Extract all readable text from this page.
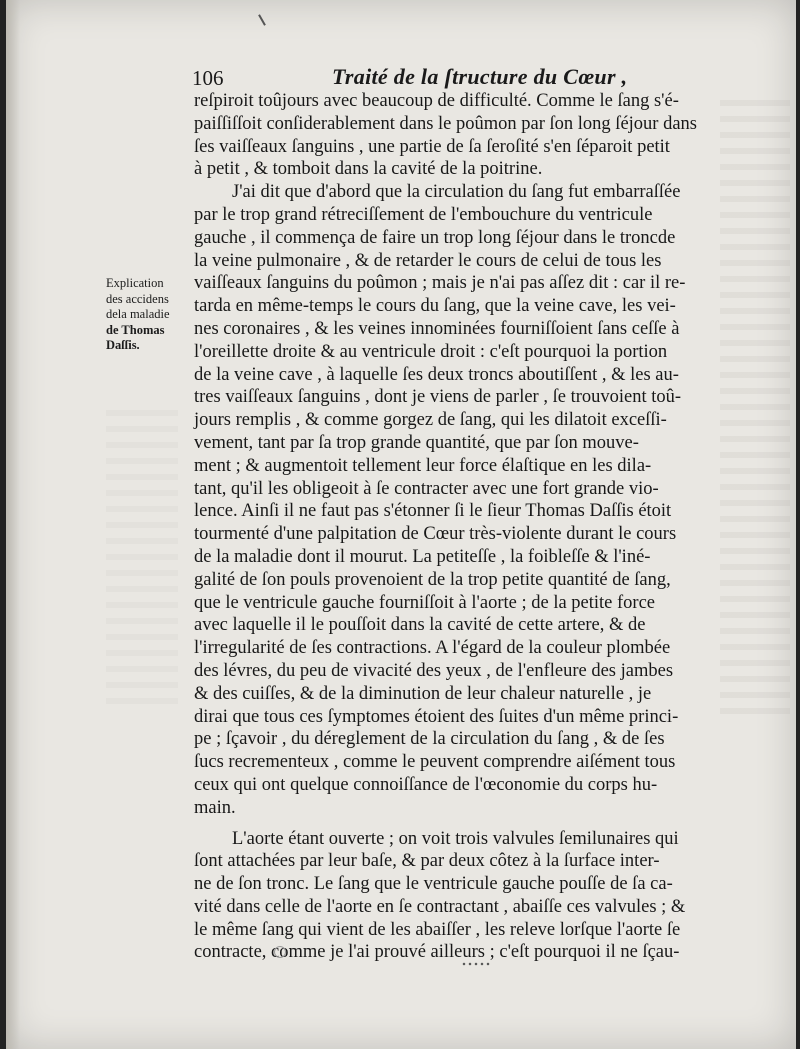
106	Traité de la ſtructure du Cœur ,
Explication
des accidens
dela maladie
de Thomas
Daſſis.
reſpiroit toûjours avec beaucoup de difficulté. Comme le ſang s'é-
paiſſiſſoit conſiderablement dans le poûmon par ſon long ſéjour dans
ſes vaiſſeaux ſanguins , une partie de ſa ſeroſité s'en ſéparoit petit
à petit , & tomboit dans la cavité de la poitrine.
J'ai dit que d'abord que la circulation du ſang fut embarraſſée
par le trop grand rétreciſſement de l'embouchure du ventricule
gauche , il commença de faire un trop long ſéjour dans le troncde
la veine pulmonaire , & de retarder le cours de celui de tous les
vaiſſeaux ſanguins du poûmon ; mais je n'ai pas aſſez dit : car il re-
tarda en même-temps le cours du ſang, que la veine cave, les vei-
nes coronaires , & les veines innominées fourniſſoient ſans ceſſe à
l'oreillette droite & au ventricule droit : c'eſt pourquoi la portion
de la veine cave , à laquelle ſes deux troncs aboutiſſent , & les au-
tres vaiſſeaux ſanguins , dont je viens de parler , ſe trouvoient toû-
jours remplis , & comme gorgez de ſang, qui les dilatoit exceſſi-
vement, tant par ſa trop grande quantité, que par ſon mouve-
ment ; & augmentoit tellement leur force élaſtique en les dila-
tant, qu'il les obligeoit à ſe contracter avec une fort grande vio-
lence. Ainſi il ne faut pas s'étonner ſi le ſieur Thomas Daſſis étoit
tourmenté d'une palpitation de Cœur très-violente durant le cours
de la maladie dont il mourut. La petiteſſe , la foibleſſe & l'iné-
galité de ſon pouls provenoient de la trop petite quantité de ſang,
que le ventricule gauche fourniſſoit à l'aorte ; de la petite force
avec laquelle il le pouſſoit dans la cavité de cette artere, & de
l'irregularité de ſes contractions. A l'égard de la couleur plombée
des lévres, du peu de vivacité des yeux , de l'enfleure des jambes
& des cuiſſes, & de la diminution de leur chaleur naturelle , je
dirai que tous ces ſymptomes étoient des ſuites d'un même princi-
pe ; ſçavoir , du déreglement de la circulation du ſang , & de ſes
ſucs recrementeux , comme le peuvent comprendre aiſément tous
ceux qui ont quelque connoiſſance de l'œconomie du corps hu-
main.
L'aorte étant ouverte ; on voit trois valvules ſemilunaires qui
ſont attachées par leur baſe, & par deux côtez à la ſurface inter-
ne de ſon tronc. Le ſang que le ventricule gauche pouſſe de ſa ca-
vité dans celle de l'aorte en ſe contractant , abaiſſe ces valvules ; &
le même ſang qui vient de les abaiſſer , les releve lorſque l'aorte ſe
contracte, comme je l'ai prouvé ailleurs ; c'eſt pourquoi il ne ſçau-
